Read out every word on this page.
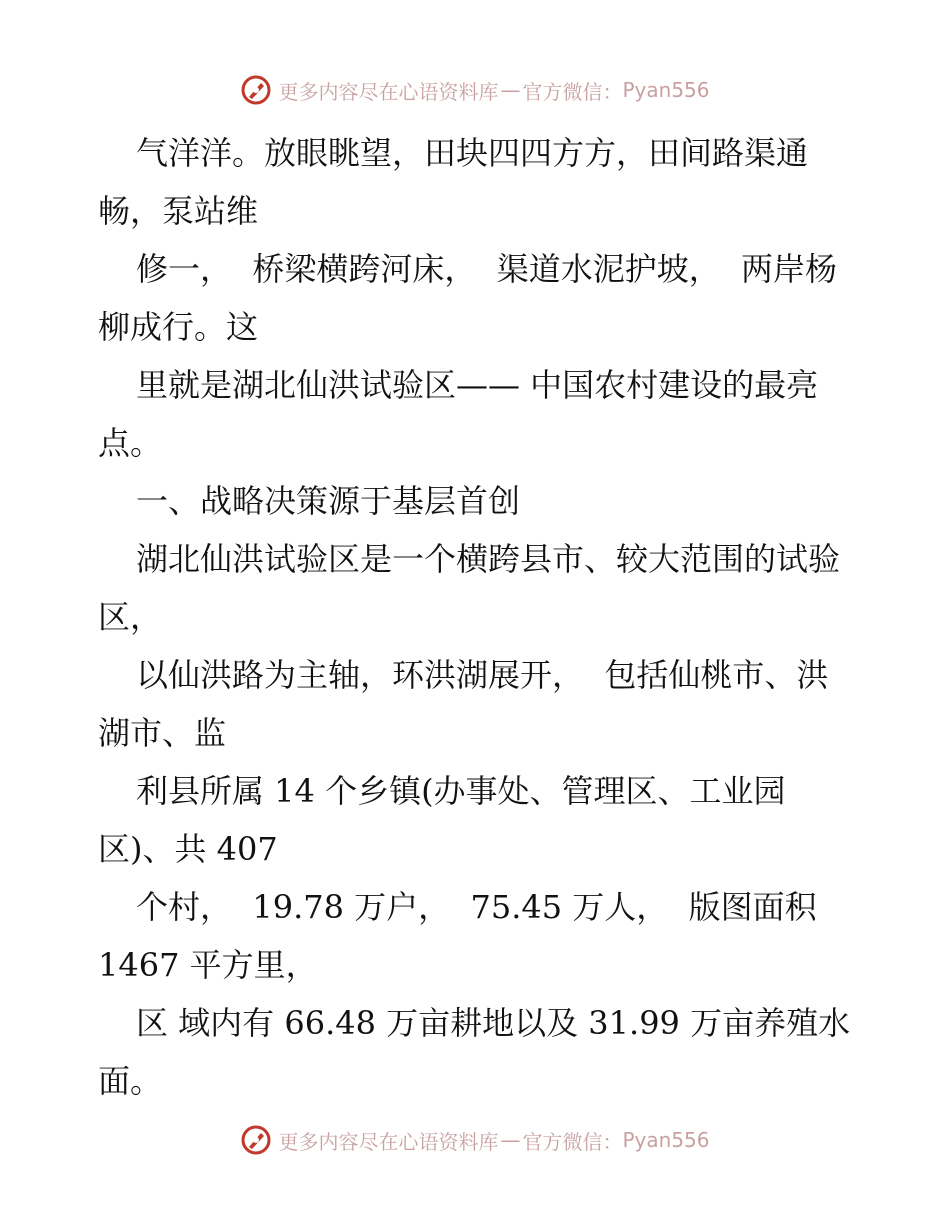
更多内容尽在心语资料库 — 官方微信： Pyan556

气洋洋。放眼眺望，田块四四方方，田间路渠通畅，泵站维

修一，  桥梁横跨河床，  渠道水泥护坡，  两岸杨柳成行。这

里就是湖北仙洪试验区—— 中国农村建设的最亮点。

一、战略决策源于基层首创

湖北仙洪试验区是一个横跨县市、较大范围的试验区，

以仙洪路为主轴，环洪湖展开，  包括仙桃市、洪湖市、监

利县所属 14 个乡镇(办事处、管理区、工业园区)、共 407

个村，  19.78 万户，  75.45 万人，  版图面积 1467 平方里，

区 域内有 66.48 万亩耕地以及 31.99 万亩养殖水面。

更多内容尽在心语资料库 — 官方微信： Pyan556
